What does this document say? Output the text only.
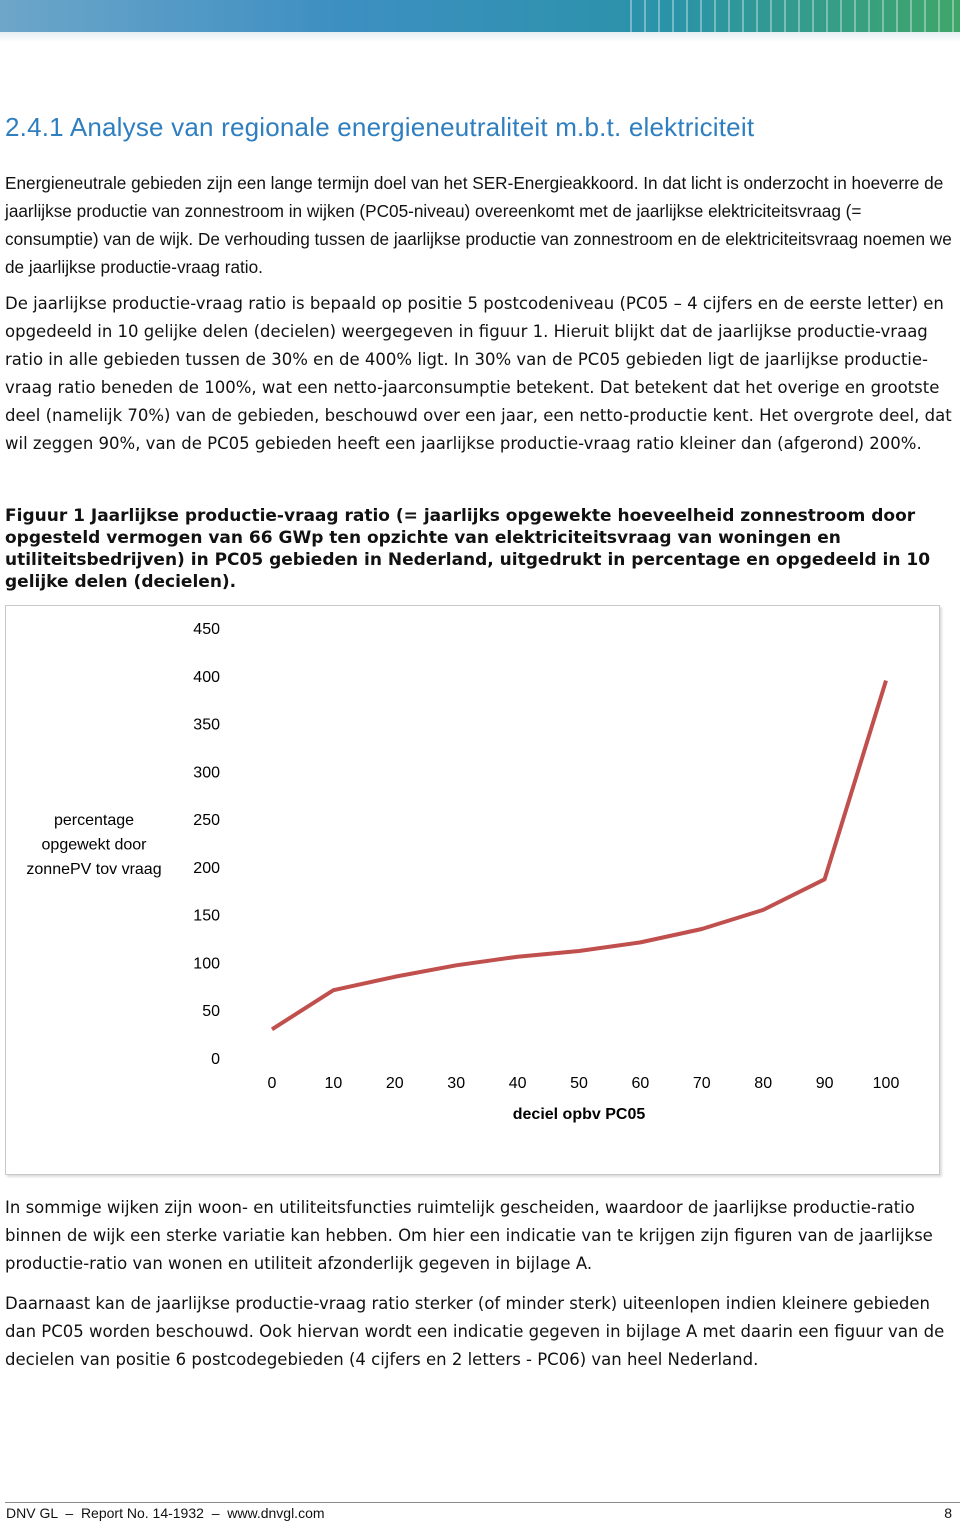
2.4.1 Analyse van regionale energieneutraliteit m.b.t. elektriciteit

Energieneutrale gebieden zijn een lange termijn doel van het SER-Energieakkoord. In dat licht is onderzocht in hoeverre de jaarlijkse productie van zonnestroom in wijken (PC05-niveau) overeenkomt met de jaarlijkse elektriciteitsvraag (= consumptie) van de wijk. De verhouding tussen de jaarlijkse productie van zonnestroom en de elektriciteitsvraag noemen we de jaarlijkse productie-vraag ratio.

De jaarlijkse productie-vraag ratio is bepaald op positie 5 postcodeniveau (PC05 – 4 cijfers en de eerste letter) en opgedeeld in 10 gelijke delen (decielen) weergegeven in figuur 1. Hieruit blijkt dat de jaarlijkse productie-vraag ratio in alle gebieden tussen de 30% en de 400% ligt. In 30% van de PC05 gebieden ligt de jaarlijkse productie-vraag ratio beneden de 100%, wat een netto-jaarconsumptie betekent. Dat betekent dat het overige en grootste deel (namelijk 70%) van de gebieden, beschouwd over een jaar, een netto-productie kent. Het overgrote deel, dat wil zeggen 90%, van de PC05 gebieden heeft een jaarlijkse productie-vraag ratio kleiner dan (afgerond) 200%.

Figuur 1 Jaarlijkse productie-vraag ratio (= jaarlijks opgewekte hoeveelheid zonnestroom door opgesteld vermogen van 66 GWp ten opzichte van elektriciteitsvraag van woningen en utiliteitsbedrijven) in PC05 gebieden in Nederland, uitgedrukt in percentage en opgedeeld in 10 gelijke delen (decielen).

percentage
opgewekt door
zonnePV tov vraag
0
50
100
150
200
250
300
350
400
450
0	10	20	30	40	50	60	70	80	90 100
deciel opbv PC05

In sommige wijken zijn woon- en utiliteitsfuncties ruimtelijk gescheiden, waardoor de jaarlijkse productie-ratio binnen de wijk een sterke variatie kan hebben. Om hier een indicatie van te krijgen zijn figuren van de jaarlijkse productie-ratio van wonen en utiliteit afzonderlijk gegeven in bijlage A.

Daarnaast kan de jaarlijkse productie-vraag ratio sterker (of minder sterk) uiteenlopen indien kleinere gebieden dan PC05 worden beschouwd. Ook hiervan wordt een indicatie gegeven in bijlage A met daarin een figuur van de decielen van positie 6 postcodegebieden (4 cijfers en 2 letters - PC06) van heel Nederland.

DNV GL  –  Report No. 14-1932  –  www.dnvgl.com	8
